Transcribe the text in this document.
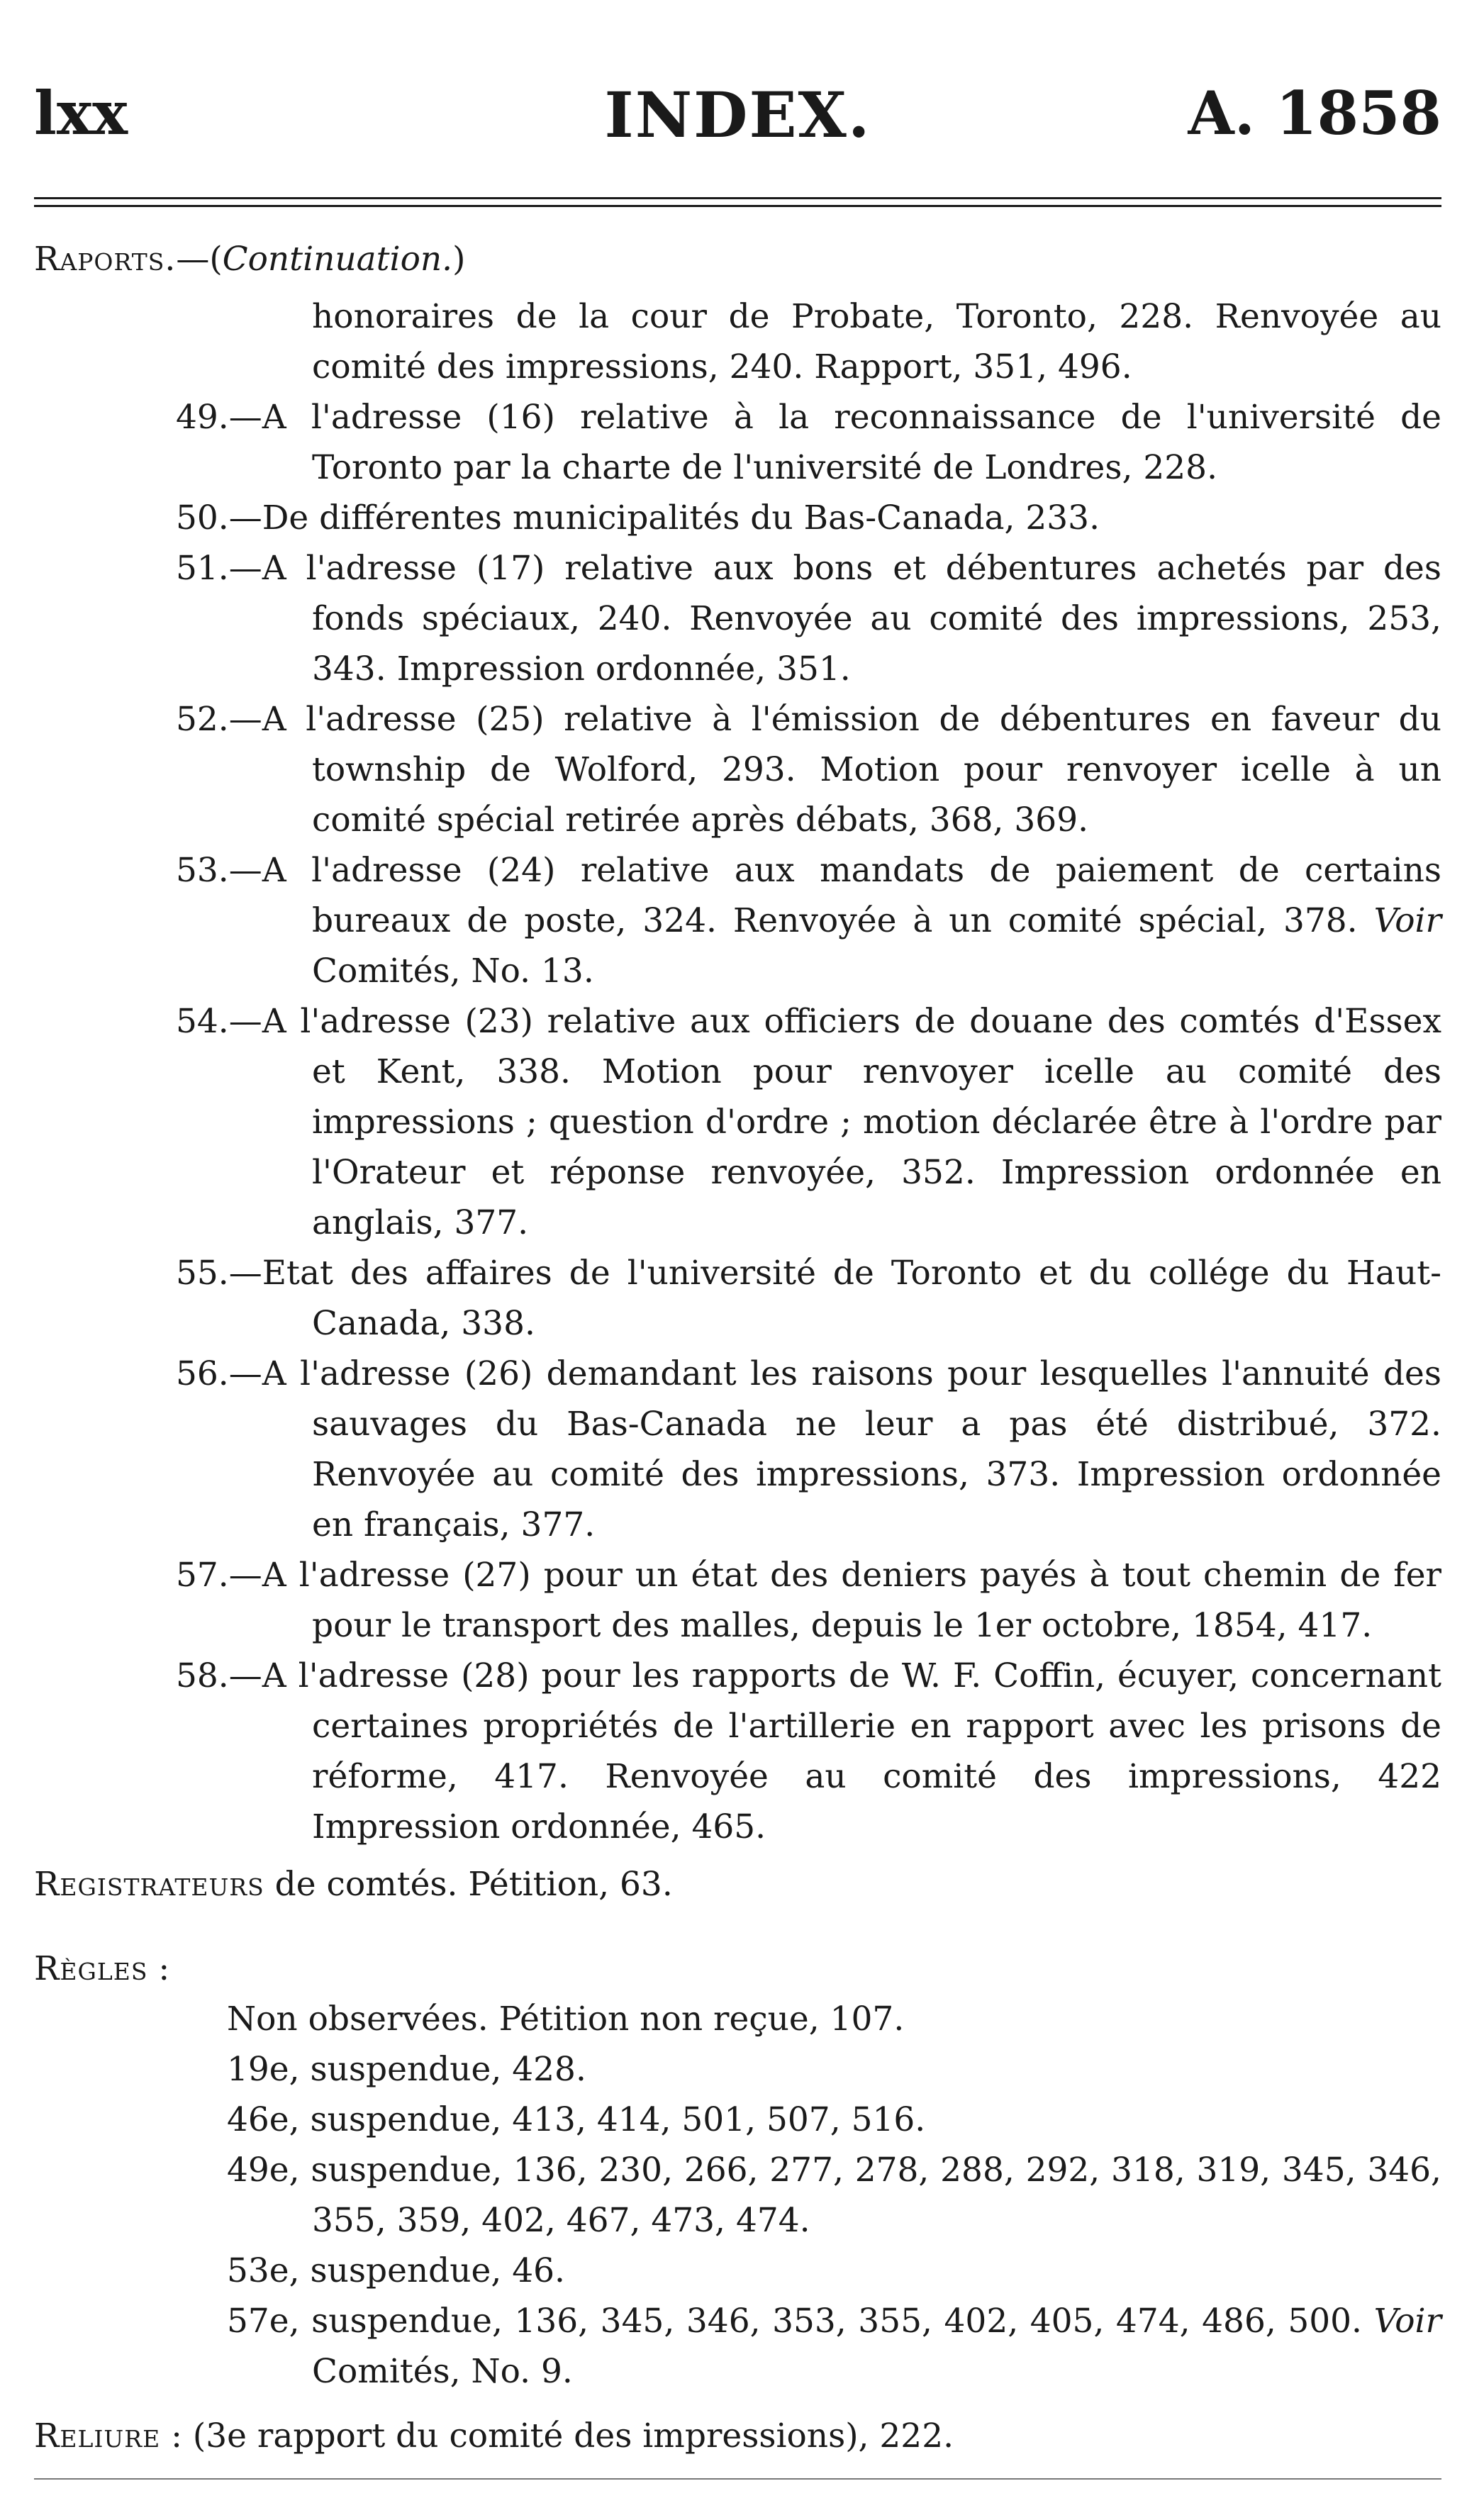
lxx	INDEX.	A. 1858

Raports.—(Continuation.)

honoraires de la cour de Probate, Toronto, 228. Renvoyée au comité des impressions, 240. Rapport, 351, 496.

49.—A l'adresse (16) relative à la reconnaissance de l'université de Toronto par la charte de l'université de Londres, 228.

50.—De différentes municipalités du Bas-Canada, 233.

51.—A l'adresse (17) relative aux bons et débentures achetés par des fonds spéciaux, 240. Renvoyée au comité des impressions, 253, 343. Impression ordonnée, 351.

52.—A l'adresse (25) relative à l'émission de débentures en faveur du township de Wolford, 293. Motion pour renvoyer icelle à un comité spécial retirée après débats, 368, 369.

53.—A l'adresse (24) relative aux mandats de paiement de certains bureaux de poste, 324. Renvoyée à un comité spécial, 378. Voir Comités, No. 13.

54.—A l'adresse (23) relative aux officiers de douane des comtés d'Essex et Kent, 338. Motion pour renvoyer icelle au comité des impressions ; question d'ordre ; motion déclarée être à l'ordre par l'Orateur et réponse renvoyée, 352. Impression ordonnée en anglais, 377.

55.—Etat des affaires de l'université de Toronto et du collége du Haut-Canada, 338.

56.—A l'adresse (26) demandant les raisons pour lesquelles l'annuité des sauvages du Bas-Canada ne leur a pas été distribué, 372. Renvoyée au comité des impressions, 373. Impression ordonnée en français, 377.

57.—A l'adresse (27) pour un état des deniers payés à tout chemin de fer pour le transport des malles, depuis le 1er octobre, 1854, 417.

58.—A l'adresse (28) pour les rapports de W. F. Coffin, écuyer, concernant certaines propriétés de l'artillerie en rapport avec les prisons de réforme, 417. Renvoyée au comité des impressions, 422 Impression ordonnée, 465.

Registrateurs de comtés. Pétition, 63.

Règles :

Non observées. Pétition non reçue, 107.

19e, suspendue, 428.

46e, suspendue, 413, 414, 501, 507, 516.

49e, suspendue, 136, 230, 266, 277, 278, 288, 292, 318, 319, 345, 346, 355, 359, 402, 467, 473, 474.

53e, suspendue, 46.

57e, suspendue, 136, 345, 346, 353, 355, 402, 405, 474, 486, 500. Voir Comités, No. 9.

Reliure : (3e rapport du comité des impressions), 222.
